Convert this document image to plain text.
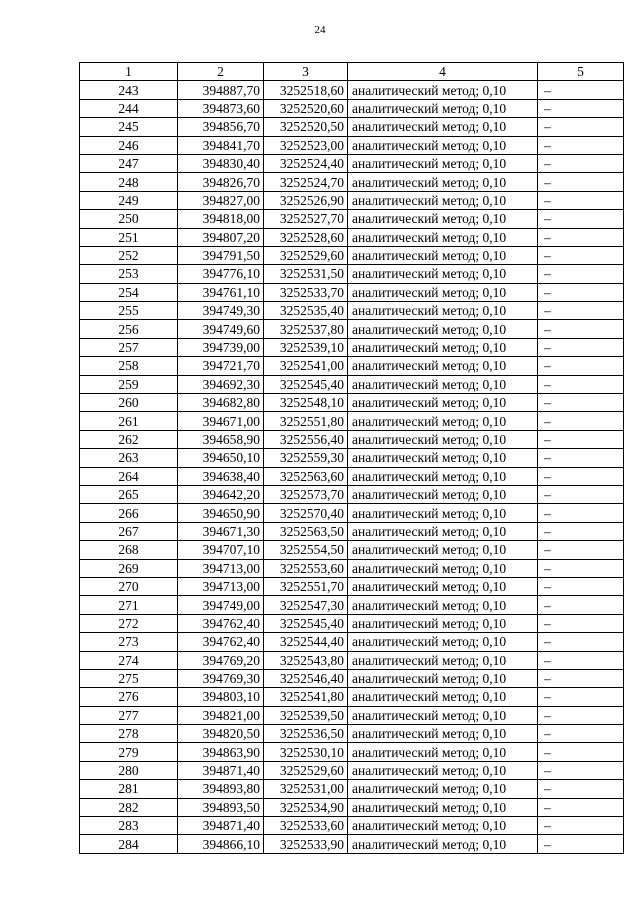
24
1	2	3	4	5
243	394887,70	3252518,60	аналитический метод; 0,10	–
244	394873,60	3252520,60	аналитический метод; 0,10	–
245	394856,70	3252520,50	аналитический метод; 0,10	–
246	394841,70	3252523,00	аналитический метод; 0,10	–
247	394830,40	3252524,40	аналитический метод; 0,10	–
248	394826,70	3252524,70	аналитический метод; 0,10	–
249	394827,00	3252526,90	аналитический метод; 0,10	–
250	394818,00	3252527,70	аналитический метод; 0,10	–
251	394807,20	3252528,60	аналитический метод; 0,10	–
252	394791,50	3252529,60	аналитический метод; 0,10	–
253	394776,10	3252531,50	аналитический метод; 0,10	–
254	394761,10	3252533,70	аналитический метод; 0,10	–
255	394749,30	3252535,40	аналитический метод; 0,10	–
256	394749,60	3252537,80	аналитический метод; 0,10	–
257	394739,00	3252539,10	аналитический метод; 0,10	–
258	394721,70	3252541,00	аналитический метод; 0,10	–
259	394692,30	3252545,40	аналитический метод; 0,10	–
260	394682,80	3252548,10	аналитический метод; 0,10	–
261	394671,00	3252551,80	аналитический метод; 0,10	–
262	394658,90	3252556,40	аналитический метод; 0,10	–
263	394650,10	3252559,30	аналитический метод; 0,10	–
264	394638,40	3252563,60	аналитический метод; 0,10	–
265	394642,20	3252573,70	аналитический метод; 0,10	–
266	394650,90	3252570,40	аналитический метод; 0,10	–
267	394671,30	3252563,50	аналитический метод; 0,10	–
268	394707,10	3252554,50	аналитический метод; 0,10	–
269	394713,00	3252553,60	аналитический метод; 0,10	–
270	394713,00	3252551,70	аналитический метод; 0,10	–
271	394749,00	3252547,30	аналитический метод; 0,10	–
272	394762,40	3252545,40	аналитический метод; 0,10	–
273	394762,40	3252544,40	аналитический метод; 0,10	–
274	394769,20	3252543,80	аналитический метод; 0,10	–
275	394769,30	3252546,40	аналитический метод; 0,10	–
276	394803,10	3252541,80	аналитический метод; 0,10	–
277	394821,00	3252539,50	аналитический метод; 0,10	–
278	394820,50	3252536,50	аналитический метод; 0,10	–
279	394863,90	3252530,10	аналитический метод; 0,10	–
280	394871,40	3252529,60	аналитический метод; 0,10	–
281	394893,80	3252531,00	аналитический метод; 0,10	–
282	394893,50	3252534,90	аналитический метод; 0,10	–
283	394871,40	3252533,60	аналитический метод; 0,10	–
284	394866,10	3252533,90	аналитический метод; 0,10	–
